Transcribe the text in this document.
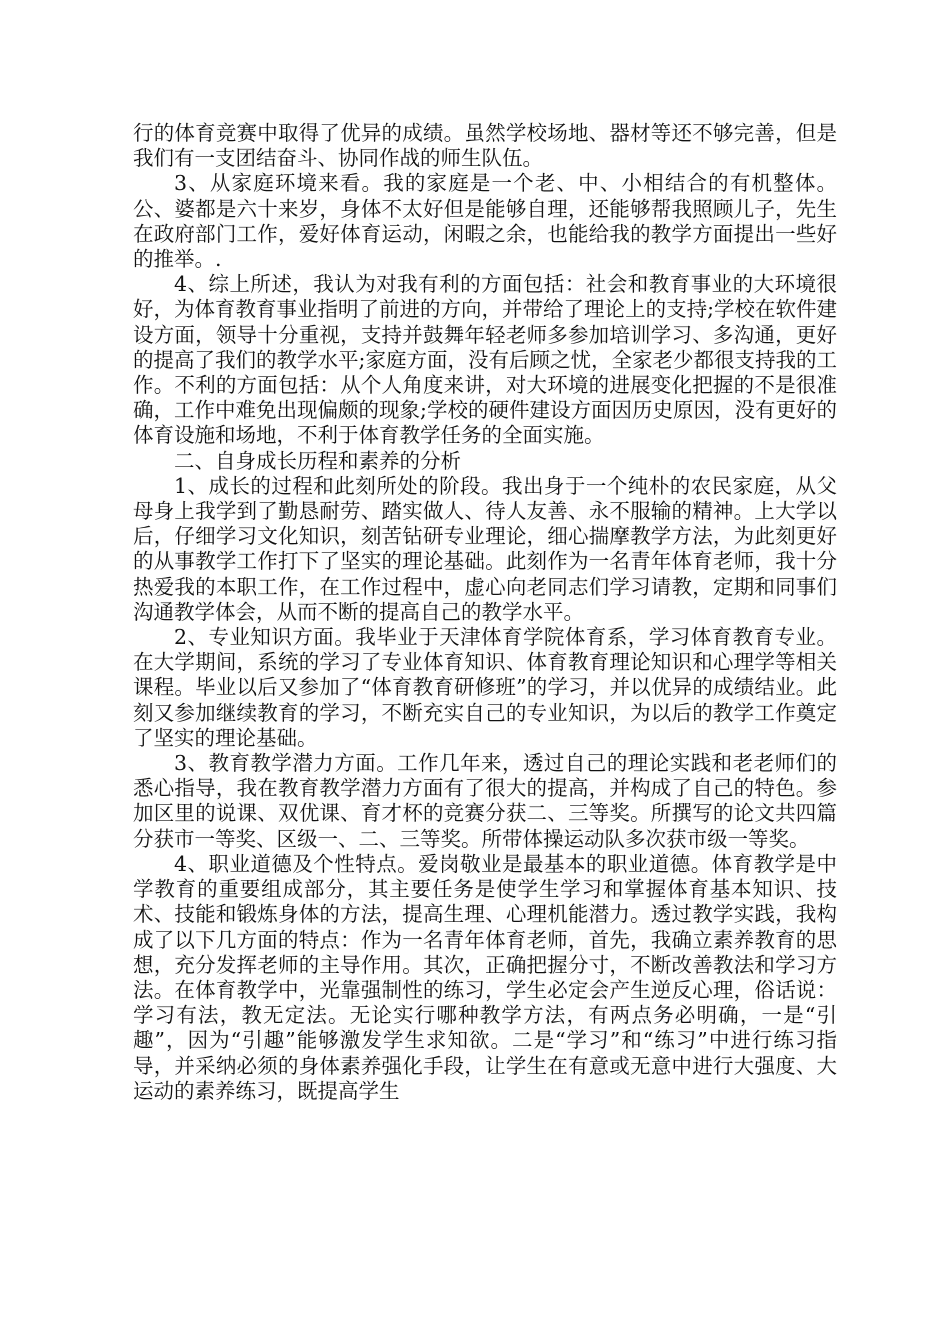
行的体育竞赛中取得了优异的成绩。虽然学校场地、器材等还不够完善，但是我们有一支团结奋斗、协同作战的师生队伍。

3、从家庭环境来看。我的家庭是一个老、中、小相结合的有机整体。公、婆都是六十来岁，身体不太好但是能够自理，还能够帮我照顾儿子，先生在政府部门工作，爱好体育运动，闲暇之余，也能给我的教学方面提出一些好的推举。.

4、综上所述，我认为对我有利的方面包括：社会和教育事业的大环境很好，为体育教育事业指明了前进的方向，并带给了理论上的支持;学校在软件建设方面，领导十分重视，支持并鼓舞年轻老师多参加培训学习、多沟通，更好的提高了我们的教学水平;家庭方面，没有后顾之忧，全家老少都很支持我的工作。不利的方面包括：从个人角度来讲，对大环境的进展变化把握的不是很准确，工作中难免出现偏颇的现象;学校的硬件建设方面因历史原因，没有更好的体育设施和场地，不利于体育教学任务的全面实施。

二、自身成长历程和素养的分析

1、成长的过程和此刻所处的阶段。我出身于一个纯朴的农民家庭，从父母身上我学到了勤恳耐劳、踏实做人、待人友善、永不服输的精神。上大学以后，仔细学习文化知识，刻苦钻研专业理论，细心揣摩教学方法，为此刻更好的从事教学工作打下了坚实的理论基础。此刻作为一名青年体育老师，我十分热爱我的本职工作，在工作过程中，虚心向老同志们学习请教，定期和同事们沟通教学体会，从而不断的提高自己的教学水平。

2、专业知识方面。我毕业于天津体育学院体育系，学习体育教育专业。在大学期间，系统的学习了专业体育知识、体育教育理论知识和心理学等相关课程。毕业以后又参加了“体育教育研修班”的学习，并以优异的成绩结业。此刻又参加继续教育的学习，不断充实自己的专业知识，为以后的教学工作奠定了坚实的理论基础。

3、教育教学潜力方面。工作几年来，透过自己的理论实践和老老师们的悉心指导，我在教育教学潜力方面有了很大的提高，并构成了自己的特色。参加区里的说课、双优课、育才杯的竞赛分获二、三等奖。所撰写的论文共四篇分获市一等奖、区级一、二、三等奖。所带体操运动队多次获市级一等奖。

4、职业道德及个性特点。爱岗敬业是最基本的职业道德。体育教学是中学教育的重要组成部分，其主要任务是使学生学习和掌握体育基本知识、技术、技能和锻炼身体的方法，提高生理、心理机能潜力。透过教学实践，我构成了以下几方面的特点：作为一名青年体育老师，首先，我确立素养教育的思想，充分发挥老师的主导作用。其次，正确把握分寸，不断改善教法和学习方法。在体育教学中，光靠强制性的练习，学生必定会产生逆反心理，俗话说：学习有法，教无定法。无论实行哪种教学方法，有两点务必明确，一是“引趣”，因为“引趣”能够激发学生求知欲。二是“学习”和“练习”中进行练习指导，并采纳必须的身体素养强化手段，让学生在有意或无意中进行大强度、大运动的素养练习，既提高学生
